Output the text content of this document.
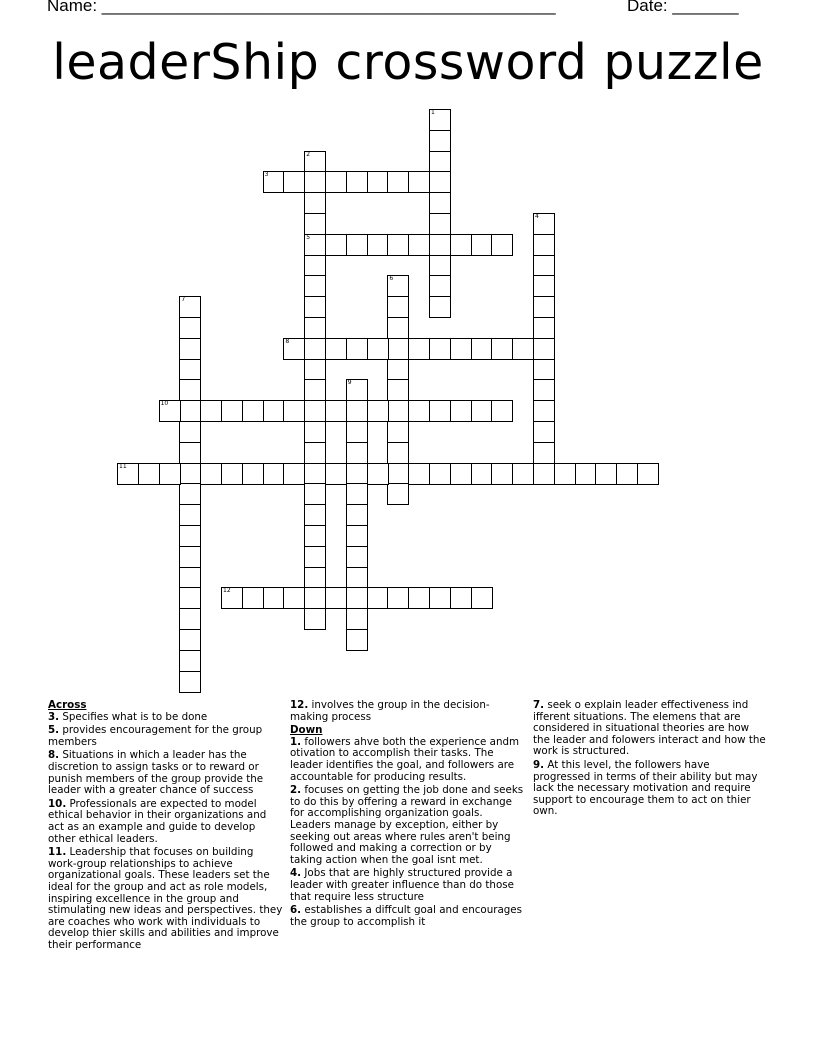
Name: ________________________________________________	Date: _______
leaderShip crossword puzzle
1
2
5
3
4
6
7
8
9
10
11
12
Across
3. Specifies what is to be done
5. provides encouragement for the group members
8. Situations in which a leader has the discretion to assign tasks or to reward or punish members of the group provide the leader with a greater chance of success
10. Professionals are expected to model ethical behavior in their organizations and act as an example and guide to develop other ethical leaders.
11. Leadership that focuses on building work-group relationships to achieve organizational goals. These leaders set the ideal for the group and act as role models, inspiring excellence in the group and stimulating new ideas and perspectives. they are coaches who work with individuals to develop thier skills and abilities and improve their performance
12. involves the group in the decision-making process
Down
1. followers ahve both the experience andm otivation to accomplish their tasks. The leader identifies the goal, and followers are accountable for producing results.
2. focuses on getting the job done and seeks to do this by offering a reward in exchange for accomplishing organization goals. Leaders manage by exception, either by seeking out areas where rules aren't being followed and making a correction or by taking action when the goal isnt met.
4. Jobs that are highly structured provide a leader with greater influence than do those that require less structure
6. establishes a diffcult goal and encourages the group to accomplish it
7. seek o explain leader effectiveness ind ifferent situations. The elemens that are considered in situational theories are how the leader and folowers interact and how the work is structured.
9. At this level, the followers have progressed in terms of their ability but may lack the necessary motivation and require support to encourage them to act on thier own.
